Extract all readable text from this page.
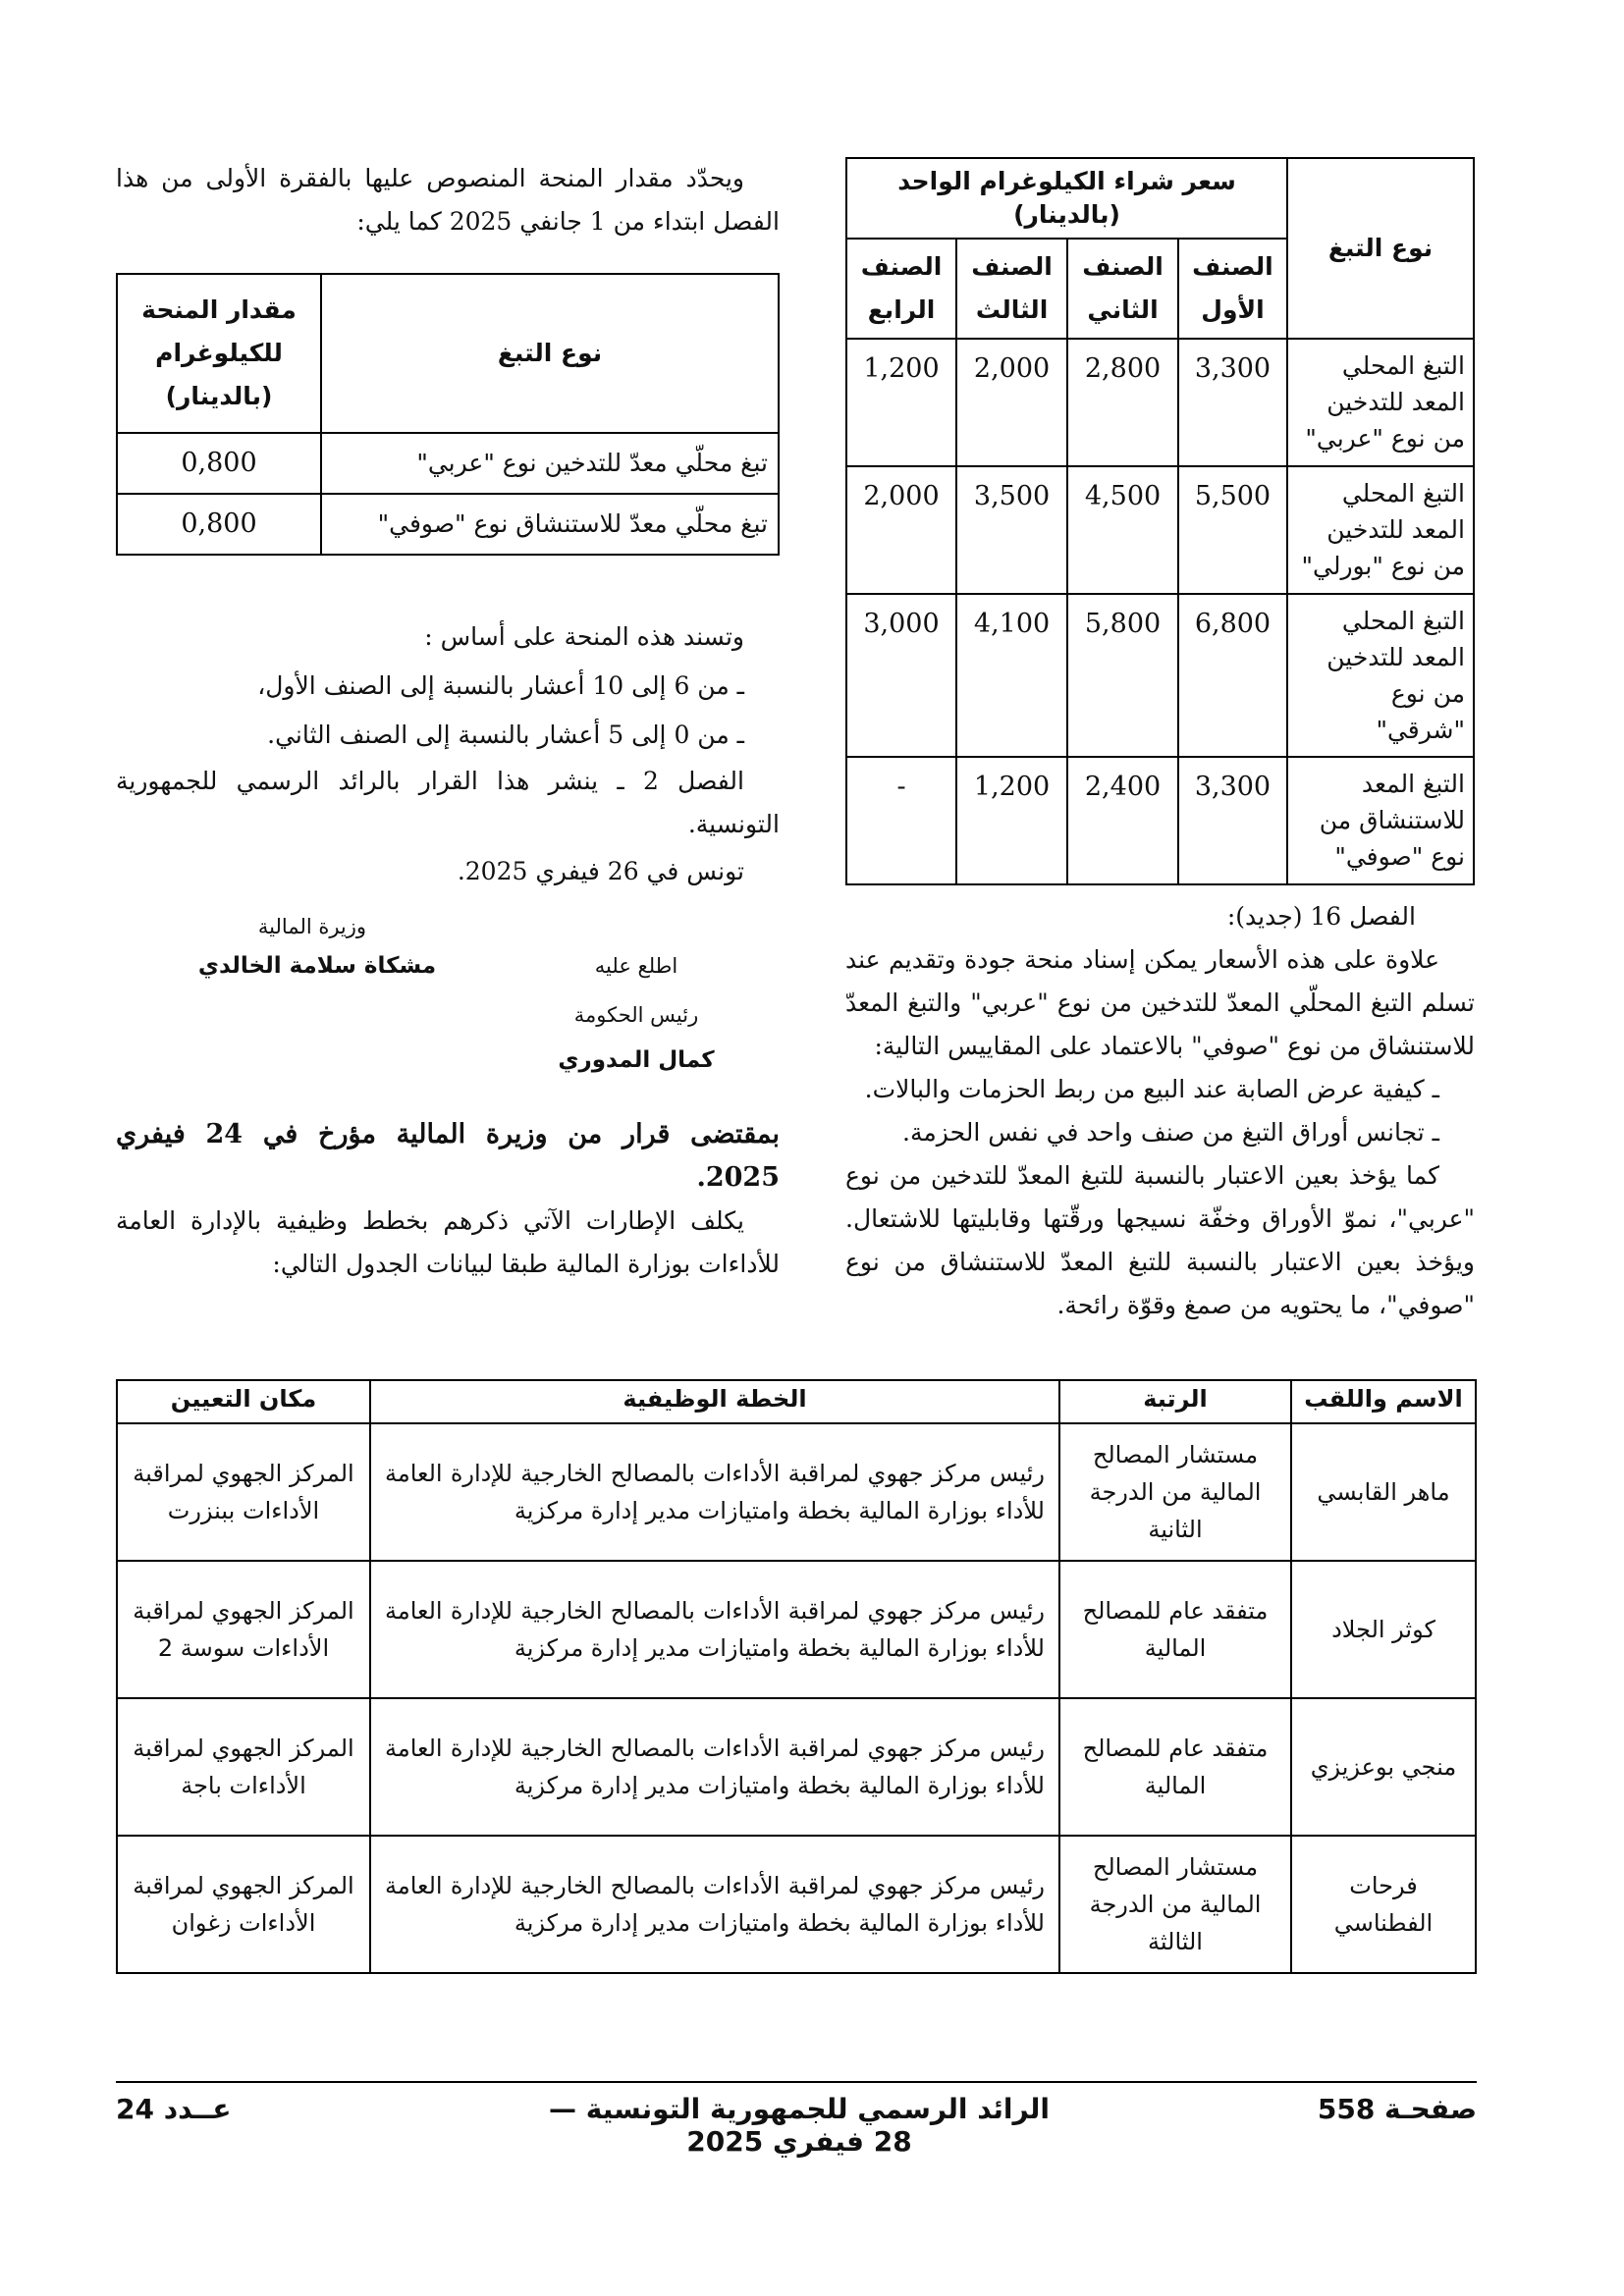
نوع التبغ	سعر شراء الكيلوغرام الواحد (بالدينار)			
	الصنف الأول	الصنف الثاني	الصنف الثالث	الصنف الرابع
التبغ المحلي المعد للتدخين من نوع "عربي"	3,300	2,800	2,000	1,200
التبغ المحلي المعد للتدخين من نوع "بورلي"	5,500	4,500	3,500	2,000
التبغ المحلي المعد للتدخين من نوع "شرقي"	6,800	5,800	4,100	3,000
التبغ المعد للاستنشاق من نوع "صوفي"	3,300	2,400	1,200	-

الفصل 16 (جديد):

علاوة على هذه الأسعار يمكن إسناد منحة جودة وتقديم عند تسلم التبغ المحلّي المعدّ للتدخين من نوع "عربي" والتبغ المعدّ للاستنشاق من نوع "صوفي" بالاعتماد على المقاييس التالية:

ـ كيفية عرض الصابة عند البيع من ربط الحزمات والبالات.

ـ تجانس أوراق التبغ من صنف واحد في نفس الحزمة.

كما يؤخذ بعين الاعتبار بالنسبة للتبغ المعدّ للتدخين من نوع "عربي"، نموّ الأوراق وخفّة نسيجها ورقّتها وقابليتها للاشتعال. ويؤخذ بعين الاعتبار بالنسبة للتبغ المعدّ للاستنشاق من نوع "صوفي"، ما يحتويه من صمغ وقوّة رائحة.

ويحدّد مقدار المنحة المنصوص عليها بالفقرة الأولى من هذا الفصل ابتداء من 1 جانفي 2025 كما يلي:

نوع التبغ	مقدار المنحة للكيلوغرام (بالدينار)
تبغ محلّي معدّ للتدخين نوع "عربي"	0,800
تبغ محلّي معدّ للاستنشاق نوع "صوفي"	0,800

وتسند هذه المنحة على أساس :

ـ من 6 إلى 10 أعشار بالنسبة إلى الصنف الأول،

ـ من 0 إلى 5 أعشار بالنسبة إلى الصنف الثاني.

الفصل 2 ـ ينشر هذا القرار بالرائد الرسمي للجمهورية التونسية.

تونس في 26 فيفري 2025.

وزيرة المالية
مشكاة سلامة الخالدي	اطلع عليه
رئيس الحكومة
كمال المدوري

بمقتضى قرار من وزيرة المالية مؤرخ في 24 فيفري 2025.

يكلف الإطارات الآتي ذكرهم بخطط وظيفية بالإدارة العامة للأداءات بوزارة المالية طبقا لبيانات الجدول التالي:

الاسم واللقب	الرتبة	الخطة الوظيفية	مكان التعيين
ماهر القابسي	مستشار المصالح المالية من الدرجة الثانية	رئيس مركز جهوي لمراقبة الأداءات بالمصالح الخارجية للإدارة العامة للأداء بوزارة المالية بخطة وامتيازات مدير إدارة مركزية	المركز الجهوي لمراقبة الأداءات ببنزرت
كوثر الجلاد	متفقد عام للمصالح المالية	رئيس مركز جهوي لمراقبة الأداءات بالمصالح الخارجية للإدارة العامة للأداء بوزارة المالية بخطة وامتيازات مدير إدارة مركزية	المركز الجهوي لمراقبة الأداءات سوسة 2
منجي بوعزيزي	متفقد عام للمصالح المالية	رئيس مركز جهوي لمراقبة الأداءات بالمصالح الخارجية للإدارة العامة للأداء بوزارة المالية بخطة وامتيازات مدير إدارة مركزية	المركز الجهوي لمراقبة الأداءات باجة
فرحات الفطناسي	مستشار المصالح المالية من الدرجة الثالثة	رئيس مركز جهوي لمراقبة الأداءات بالمصالح الخارجية للإدارة العامة للأداء بوزارة المالية بخطة وامتيازات مدير إدارة مركزية	المركز الجهوي لمراقبة الأداءات زغوان
صفحـة 558
الرائد الرسمي للجمهورية التونسية — 28 فيفري 2025
عــدد 24
